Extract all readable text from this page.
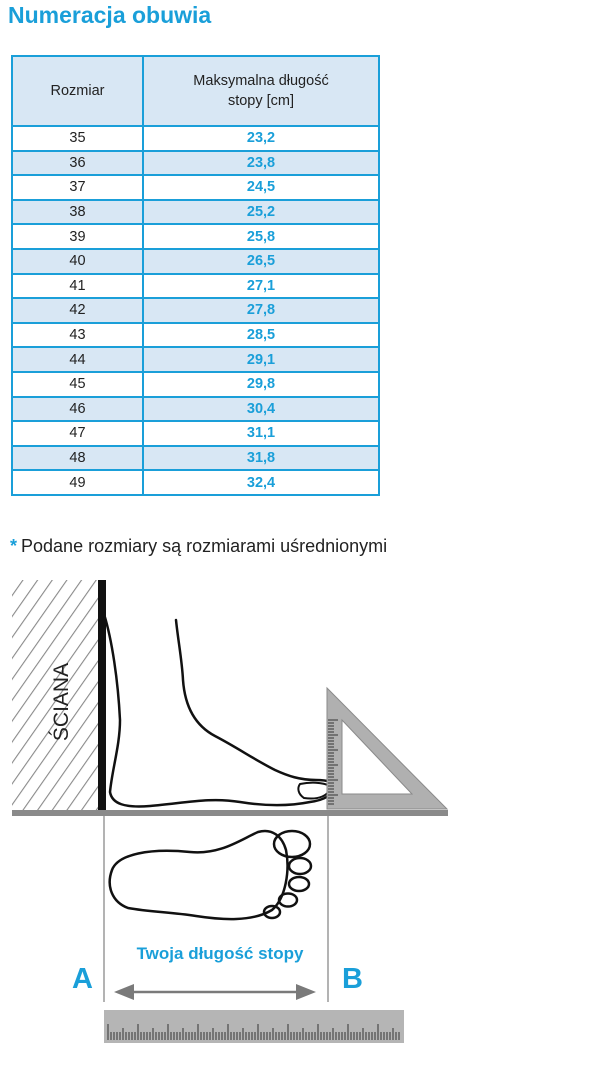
Numeracja obuwia
Rozmiar	Maksymalna długość
stopy [cm]
35	23,2
36	23,8
37	24,5
38	25,2
39	25,8
40	26,5
41	27,1
42	27,8
43	28,5
44	29,1
45	29,8
46	30,4
47	31,1
48	31,8
49	32,4
* Podane rozmiary są rozmiarami uśrednionymi
ŚCIANA
Twoja długość stopy
A	B
